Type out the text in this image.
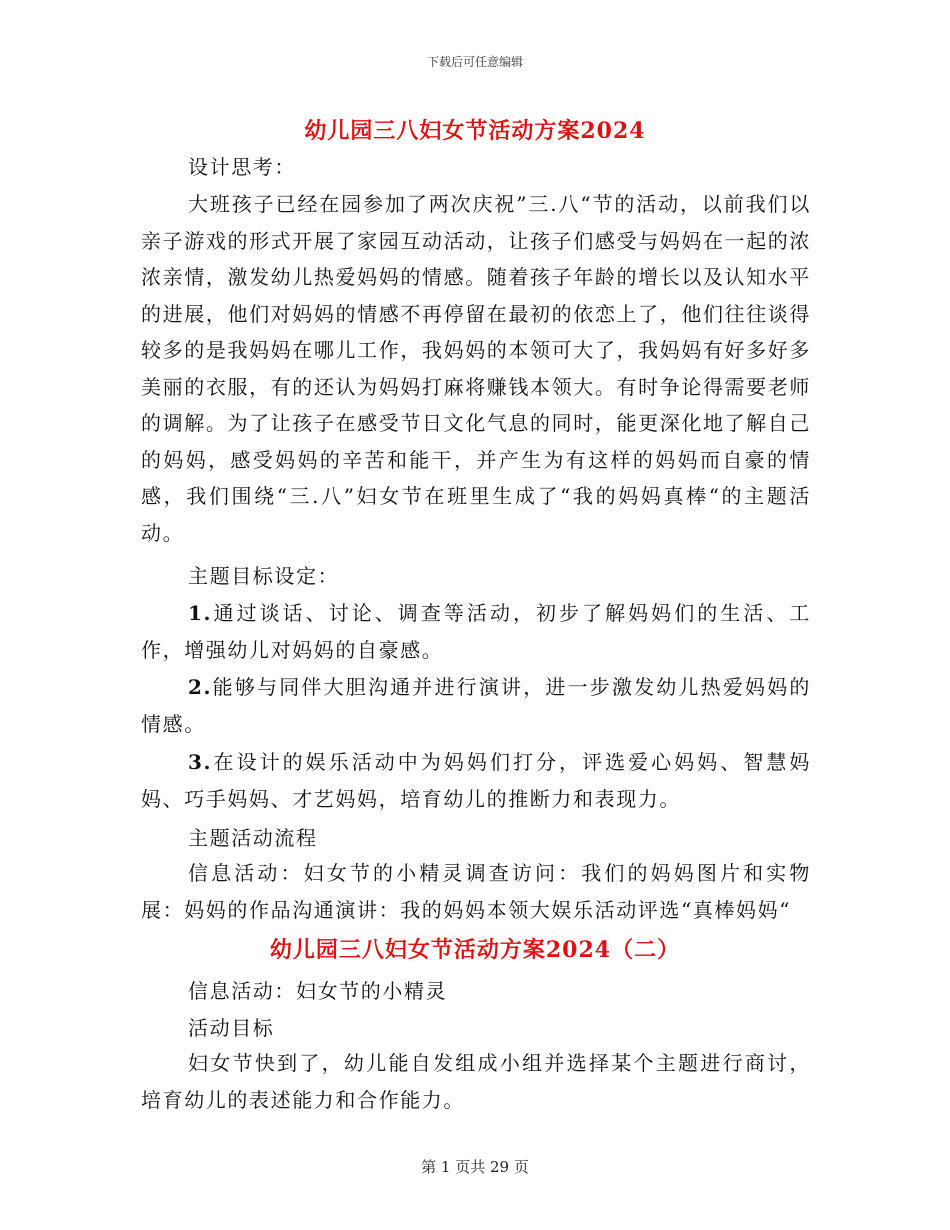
下载后可任意编辑
幼儿园三八妇女节活动方案2024

设计思考：

大班孩子已经在园参加了两次庆祝”三.八“节的活动，以前我们以亲子游戏的形式开展了家园互动活动，让孩子们感受与妈妈在一起的浓浓亲情，激发幼儿热爱妈妈的情感。随着孩子年龄的增长以及认知水平的进展，他们对妈妈的情感不再停留在最初的依恋上了，他们往往谈得较多的是我妈妈在哪儿工作，我妈妈的本领可大了，我妈妈有好多好多美丽的衣服，有的还认为妈妈打麻将赚钱本领大。有时争论得需要老师的调解。为了让孩子在感受节日文化气息的同时，能更深化地了解自己的妈妈，感受妈妈的辛苦和能干，并产生为有这样的妈妈而自豪的情感，我们围绕“三.八”妇女节在班里生成了“我的妈妈真棒“的主题活动。

主题目标设定：

1.通过谈话、讨论、调查等活动，初步了解妈妈们的生活、工作，增强幼儿对妈妈的自豪感。

2.能够与同伴大胆沟通并进行演讲，进一步激发幼儿热爱妈妈的情感。

3.在设计的娱乐活动中为妈妈们打分，评选爱心妈妈、智慧妈妈、巧手妈妈、才艺妈妈，培育幼儿的推断力和表现力。

主题活动流程

信息活动：妇女节的小精灵调查访问：我们的妈妈图片和实物展：妈妈的作品沟通演讲：我的妈妈本领大娱乐活动评选“真棒妈妈“

幼儿园三八妇女节活动方案2024（二）

信息活动：妇女节的小精灵

活动目标

妇女节快到了，幼儿能自发组成小组并选择某个主题进行商讨，培育幼儿的表述能力和合作能力。

第 1 页共 29 页
